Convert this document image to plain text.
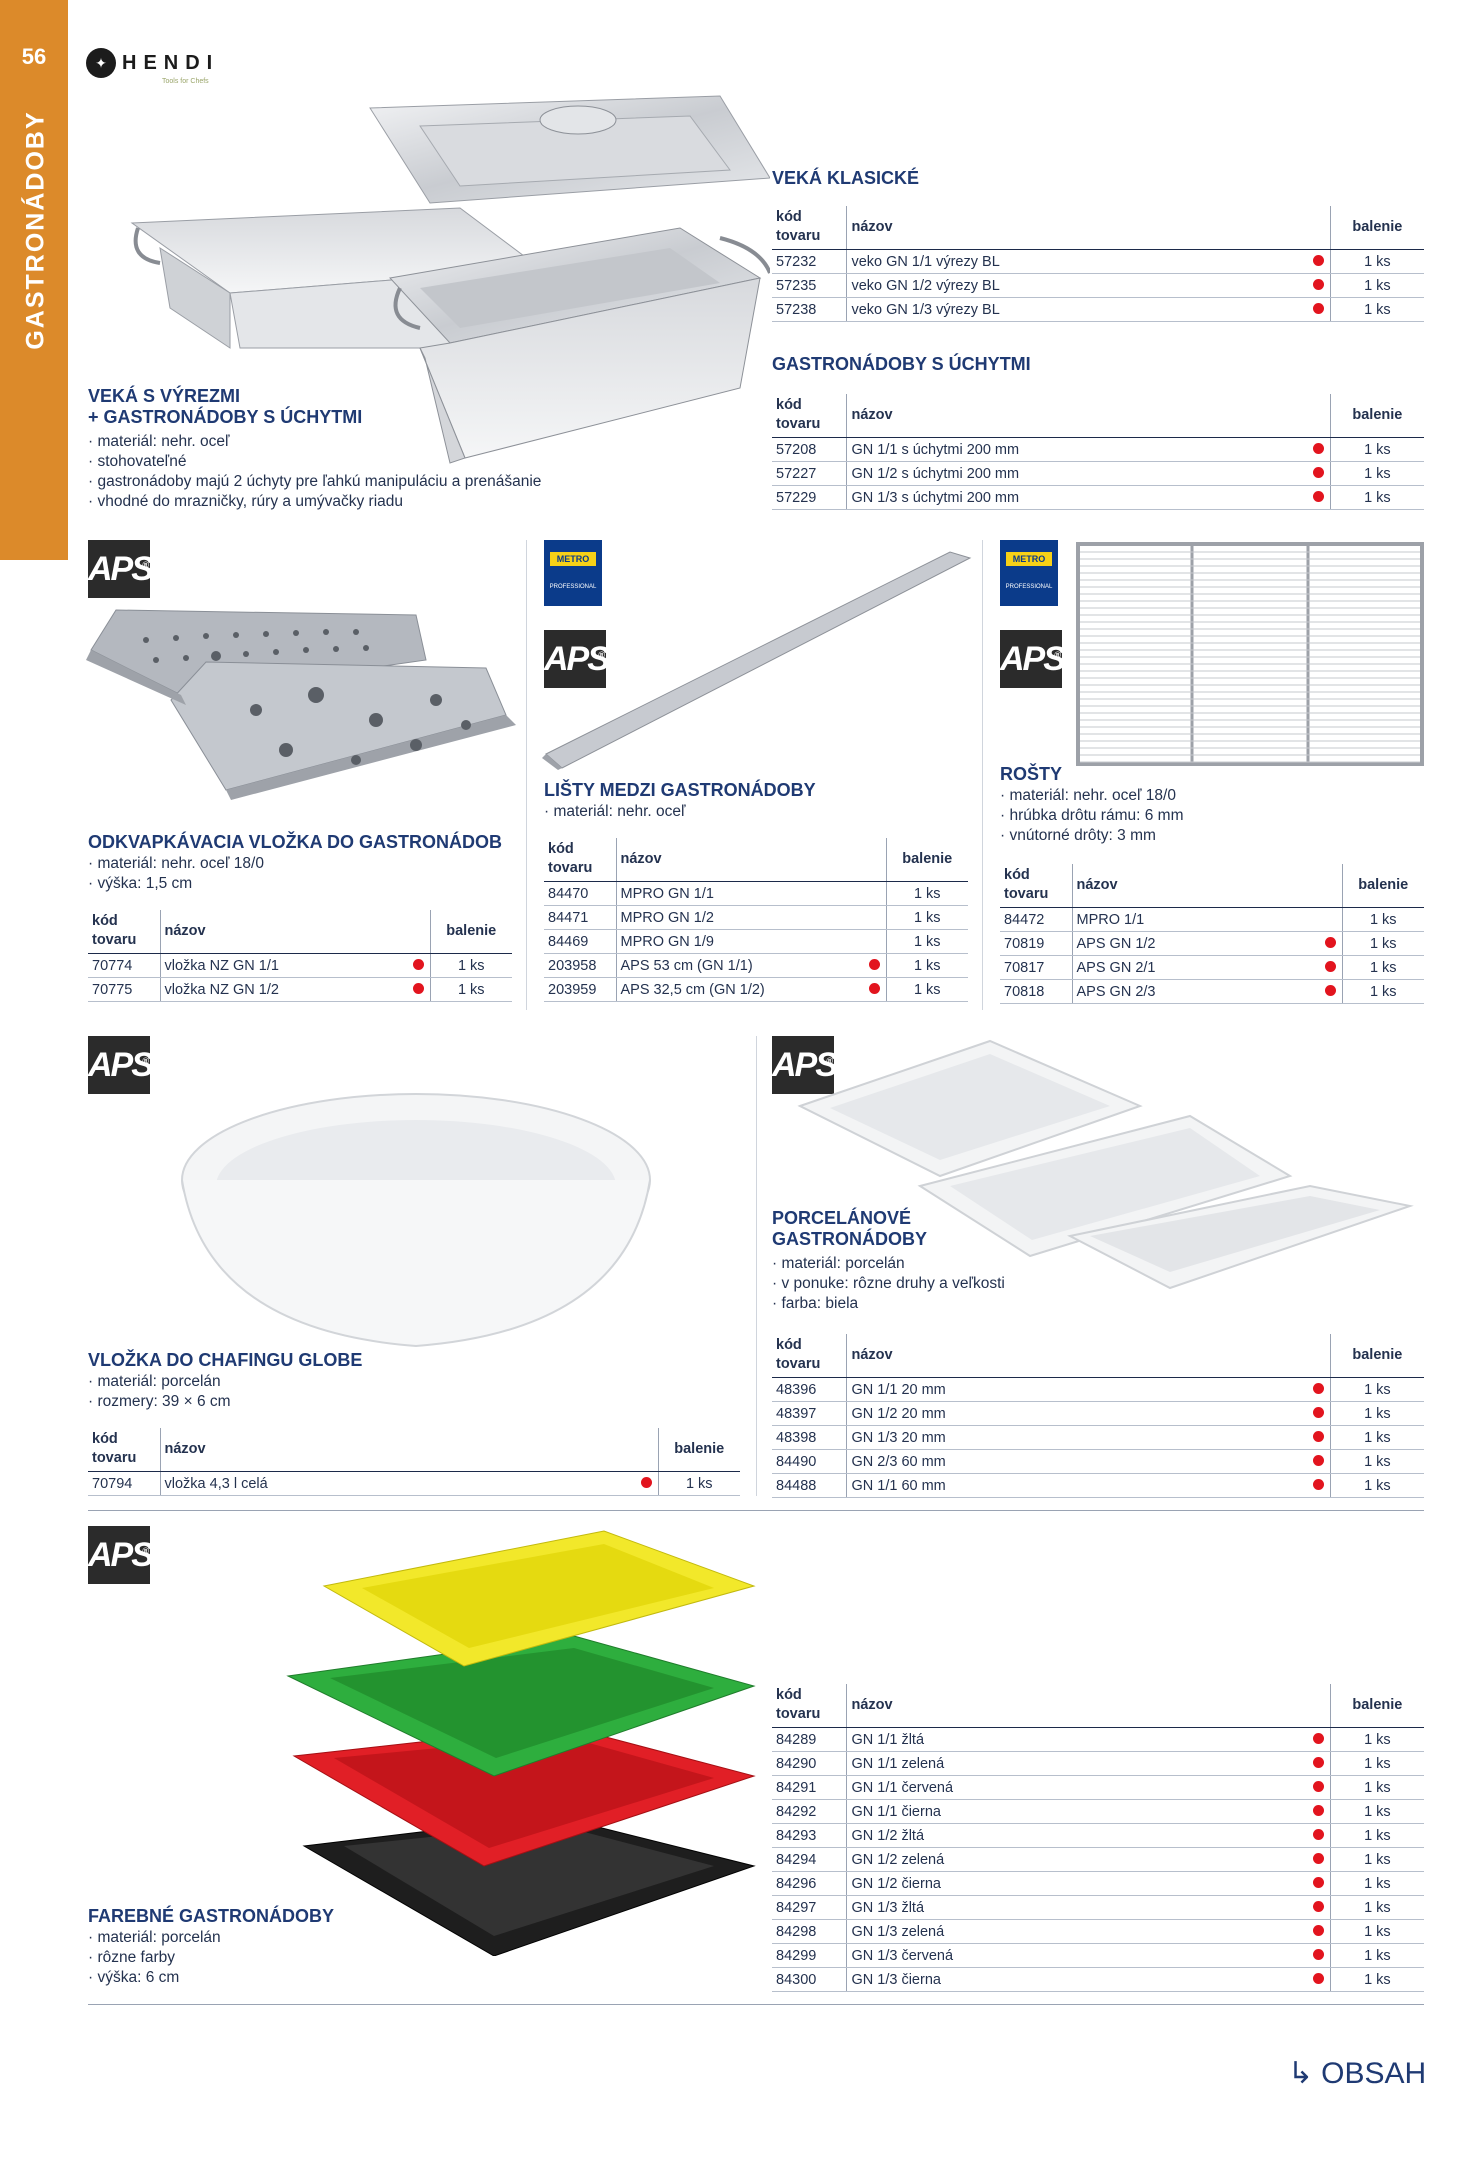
56
GASTRONÁDOBY
✦ HENDI
Tools for Chefs
VEKÁ S VÝREZMI
+ GASTRONÁDOBY S ÚCHYTMI
· materiál: nehr. oceľ
· stohovateľné
· gastronádoby majú 2 úchyty pre ľahkú manipuláciu a prenášanie
· vhodné do mrazničky, rúry a umývačky riadu
VEKÁ KLASICKÉ
kód
tovaru	názov		balenie
57232	veko GN 1/1 výrezy BL		1 ks
57235	veko GN 1/2 výrezy BL		1 ks
57238	veko GN 1/3 výrezy BL		1 ks
GASTRONÁDOBY S ÚCHYTMI
kód
tovaru	názov		balenie
57208	GN 1/1 s úchytmi 200 mm		1 ks
57227	GN 1/2 s úchytmi 200 mm		1 ks
57229	GN 1/3 s úchytmi 200 mm		1 ks
APS ®
ODKVAPKÁVACIA VLOŽKA DO GASTRONÁDOB
· materiál: nehr. oceľ 18/0
· výška: 1,5 cm
kód
tovaru	názov		balenie
70774	vložka NZ GN 1/1		1 ks
70775	vložka NZ GN 1/2		1 ks
METRO
PROFESSIONAL
APS ®
LIŠTY MEDZI GASTRONÁDOBY
· materiál: nehr. oceľ
kód
tovaru	názov		balenie
84470	MPRO GN 1/1		1 ks
84471	MPRO GN 1/2		1 ks
84469	MPRO GN 1/9		1 ks
203958	APS 53 cm (GN 1/1)		1 ks
203959	APS 32,5 cm (GN 1/2)		1 ks
METRO
PROFESSIONAL
APS ®
ROŠTY
· materiál: nehr. oceľ 18/0
· hrúbka drôtu rámu: 6 mm
· vnútorné drôty: 3 mm
kód
tovaru	názov		balenie
84472	MPRO 1/1		1 ks
70819	APS GN 1/2		1 ks
70817	APS GN 2/1		1 ks
70818	APS GN 2/3		1 ks
APS ®
VLOŽKA DO CHAFINGU GLOBE
· materiál: porcelán
· rozmery: 39 × 6 cm
kód
tovaru	názov		balenie
70794	vložka 4,3 l celá		1 ks
APS ®
PORCELÁNOVÉ
GASTRONÁDOBY
· materiál: porcelán
· v ponuke: rôzne druhy a veľkosti
· farba: biela
kód
tovaru	názov		balenie
48396	GN 1/1 20 mm		1 ks
48397	GN 1/2 20 mm		1 ks
48398	GN 1/3 20 mm		1 ks
84490	GN 2/3 60 mm		1 ks
84488	GN 1/1 60 mm		1 ks
APS ®
FAREBNÉ GASTRONÁDOBY
· materiál: porcelán
· rôzne farby
· výška: 6 cm
kód
tovaru	názov		balenie
84289	GN 1/1 žltá		1 ks
84290	GN 1/1 zelená		1 ks
84291	GN 1/1 červená		1 ks
84292	GN 1/1 čierna		1 ks
84293	GN 1/2 žltá		1 ks
84294	GN 1/2 zelená		1 ks
84296	GN 1/2 čierna		1 ks
84297	GN 1/3 žltá		1 ks
84298	GN 1/3 zelená		1 ks
84299	GN 1/3 červená		1 ks
84300	GN 1/3 čierna		1 ks
↳ OBSAH
